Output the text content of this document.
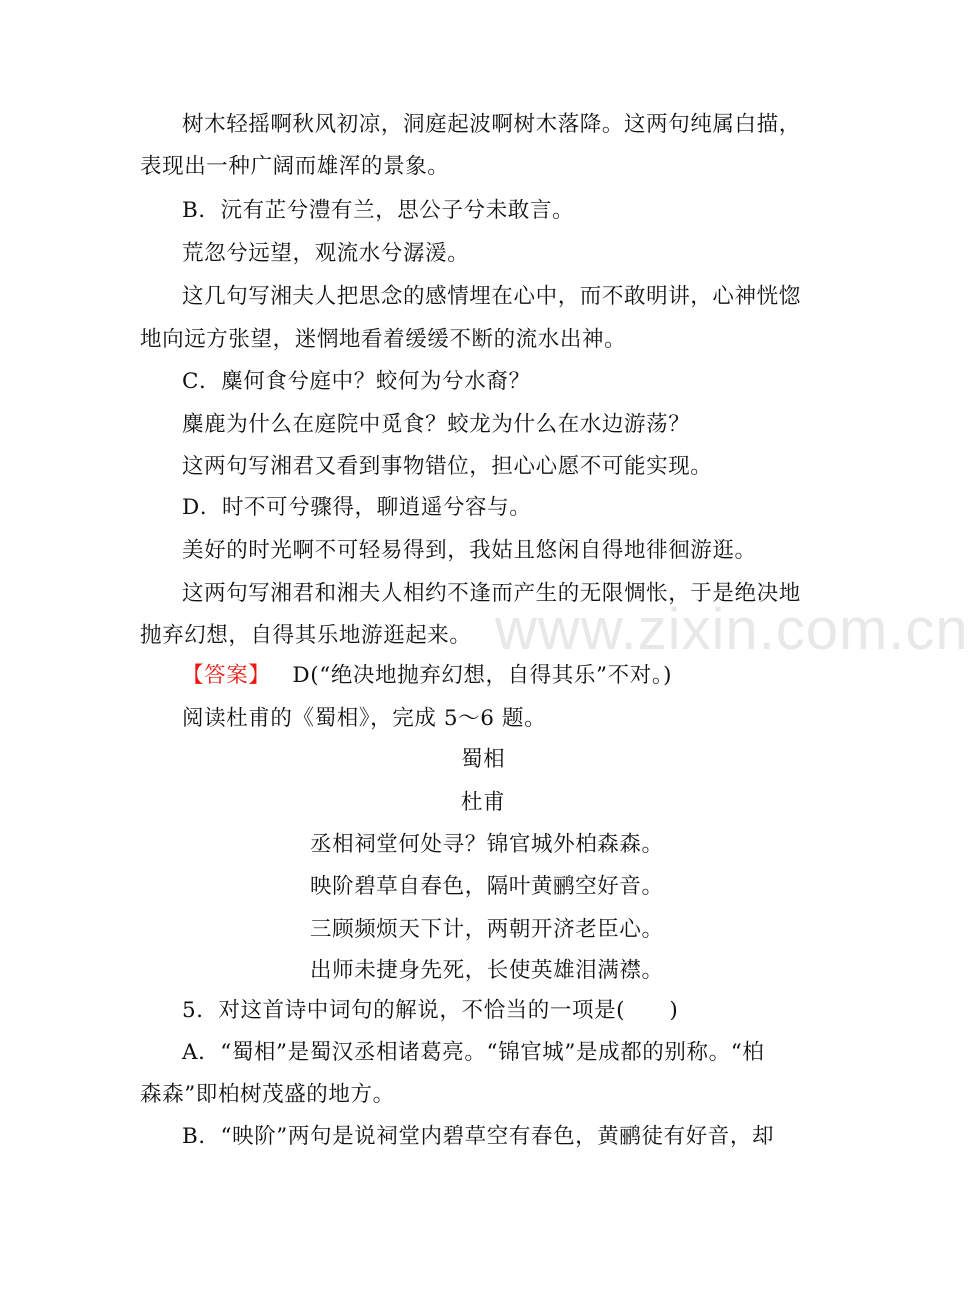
www.zixin.com.cn
树木轻摇啊秋风初凉，洞庭起波啊树木落降。这两句纯属白描，
表现出一种广阔而雄浑的景象。
B．沅有芷兮澧有兰，思公子兮未敢言。
荒忽兮远望，观流水兮潺湲。
这几句写湘夫人把思念的感情埋在心中，而不敢明讲，心神恍惚
地向远方张望，迷惘地看着缓缓不断的流水出神。
C．麋何食兮庭中？蛟何为兮水裔？
麋鹿为什么在庭院中觅食？蛟龙为什么在水边游荡？
这两句写湘君又看到事物错位，担心心愿不可能实现。
D．时不可兮骤得，聊逍遥兮容与。
美好的时光啊不可轻易得到，我姑且悠闲自得地徘徊游逛。
这两句写湘君和湘夫人相约不逢而产生的无限惆怅，于是绝决地
抛弃幻想，自得其乐地游逛起来。
【答案】 D(“绝决地抛弃幻想，自得其乐”不对。)
阅读杜甫的《蜀相》，完成 5～6 题。
蜀相
杜甫
丞相祠堂何处寻？锦官城外柏森森。
映阶碧草自春色，隔叶黄鹂空好音。
三顾频烦天下计，两朝开济老臣心。
出师未捷身先死，长使英雄泪满襟。
5．对这首诗中词句的解说，不恰当的一项是(　　)
A．“蜀相”是蜀汉丞相诸葛亮。“锦官城”是成都的别称。“柏
森森”即柏树茂盛的地方。
B．“映阶”两句是说祠堂内碧草空有春色，黄鹂徒有好音，却
